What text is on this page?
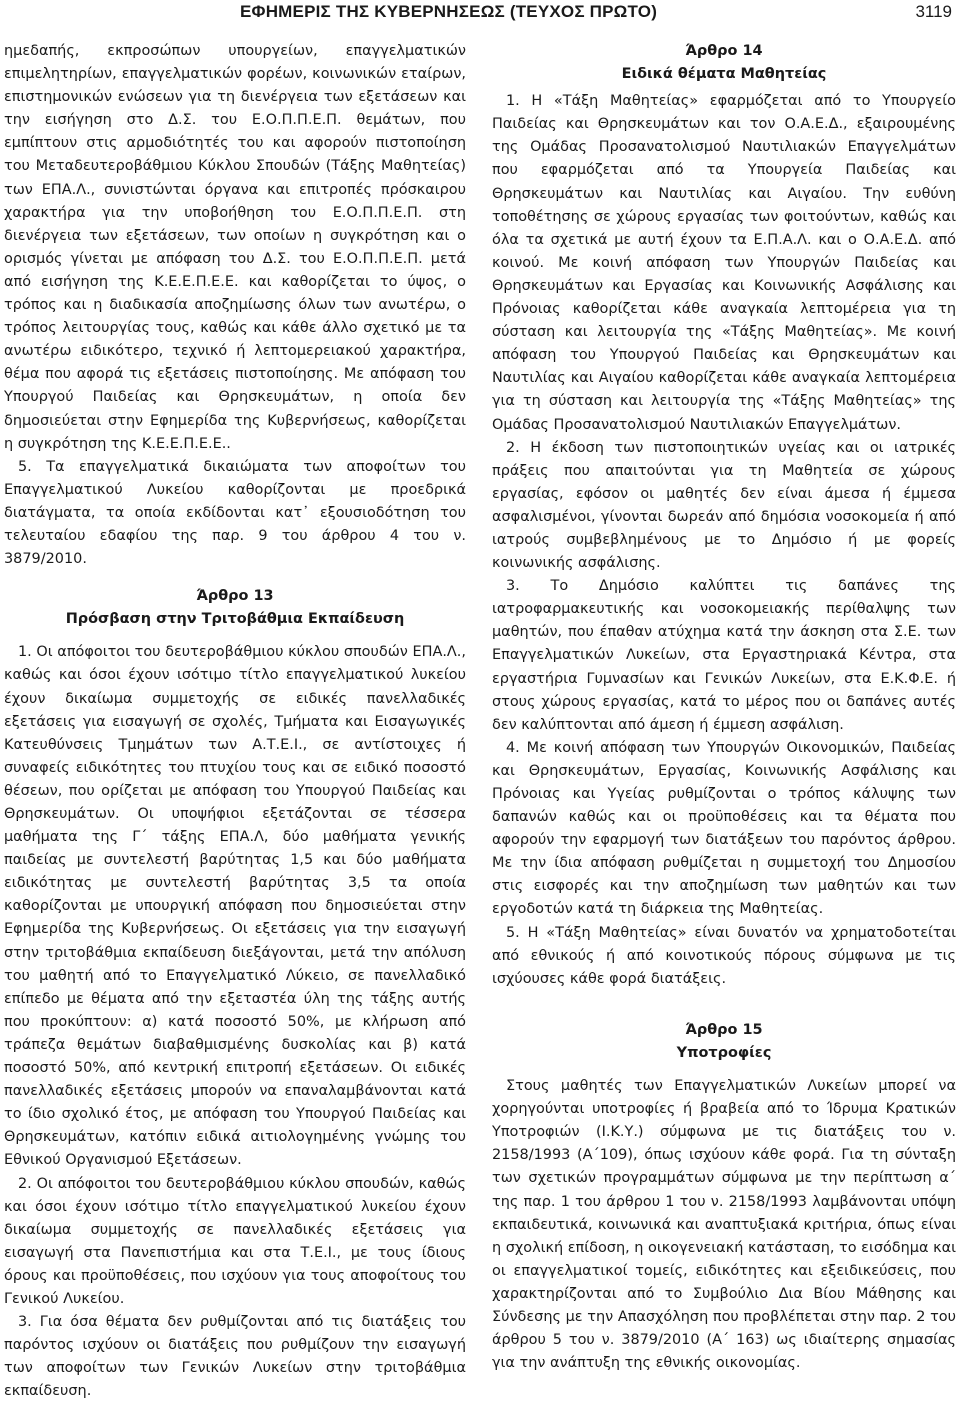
ΕΦΗΜΕΡΙΣ ΤΗΣ ΚΥΒΕΡΝΗΣΕΩΣ (ΤΕΥΧΟΣ ΠΡΩΤΟ)	3119

ημεδαπής, εκπροσώπων υπουργείων, επαγγελματικών επιμελητηρίων, επαγγελματικών φορέων, κοινωνικών εταίρων, επιστημονικών ενώσεων για τη διενέργεια των εξετάσεων και την εισήγηση στο Δ.Σ. του Ε.Ο.Π.Π.Ε.Π. θεμάτων, που εμπίπτουν στις αρμοδιότητές του και αφορούν πιστοποίηση του Μεταδευτεροβάθμιου Κύκλου Σπουδών (Τάξης Μαθητείας) των ΕΠΑ.Λ., συνιστώνται όργανα και επιτροπές πρόσκαιρου χαρακτήρα για την υποβοήθηση του Ε.Ο.Π.Π.Ε.Π. στη διενέργεια των εξετάσεων, των οποίων η συγκρότηση και ο ορισμός γίνεται με απόφαση του Δ.Σ. του Ε.Ο.Π.Π.Ε.Π. μετά από εισήγηση της Κ.Ε.Ε.Π.Ε.Ε. και καθορίζεται το ύψος, ο τρόπος και η διαδικασία αποζημίωσης όλων των ανωτέρω, ο τρόπος λειτουργίας τους, καθώς και κάθε άλλο σχετικό με τα ανωτέρω ειδικότερο, τεχνικό ή λεπτομερειακού χαρακτήρα, θέμα που αφορά τις εξετάσεις πιστοποίησης. Με απόφαση του Υπουργού Παιδείας και Θρησκευμάτων, η οποία δεν δημοσιεύεται στην Εφημερίδα της Κυβερνήσεως, καθορίζεται η συγκρότηση της Κ.Ε.Ε.Π.Ε.Ε..

5. Τα επαγγελματικά δικαιώματα των αποφοίτων του Επαγγελματικού Λυκείου καθορίζονται με προεδρικά διατάγματα, τα οποία εκδίδονται κατ᾽ εξουσιοδότηση του τελευταίου εδαφίου της παρ. 9 του άρθρου 4 του ν. 3879/2010.

Άρθρο 13

Πρόσβαση στην Τριτοβάθμια Εκπαίδευση

1. Οι απόφοιτοι του δευτεροβάθμιου κύκλου σπουδών ΕΠΑ.Λ., καθώς και όσοι έχουν ισότιμο τίτλο επαγγελματικού λυκείου έχουν δικαίωμα συμμετοχής σε ειδικές πανελλαδικές εξετάσεις για εισαγωγή σε σχολές, Τμήματα και Εισαγωγικές Κατευθύνσεις Τμημάτων των Α.Τ.Ε.Ι., σε αντίστοιχες ή συναφείς ειδικότητες του πτυχίου τους και σε ειδικό ποσοστό θέσεων, που ορίζεται με απόφαση του Υπουργού Παιδείας και Θρησκευμάτων. Οι υποψήφιοι εξετάζονται σε τέσσερα μαθήματα της Γ΄ τάξης ΕΠΑ.Λ, δύο μαθήματα γενικής παιδείας με συντελεστή βαρύτητας 1,5 και δύο μαθήματα ειδικότητας με συντελεστή βαρύτητας 3,5 τα οποία καθορίζονται με υπουργική απόφαση που δημοσιεύεται στην Εφημερίδα της Κυβερνήσεως. Οι εξετάσεις για την εισαγωγή στην τριτοβάθμια εκπαίδευση διεξάγονται, μετά την απόλυση του μαθητή από το Επαγγελματικό Λύκειο, σε πανελλαδικό επίπεδο με θέματα από την εξεταστέα ύλη της τάξης αυτής που προκύπτουν: α) κατά ποσοστό 50%, με κλήρωση από τράπεζα θεμάτων διαβαθμισμένης δυσκολίας και β) κατά ποσοστό 50%, από κεντρική επιτροπή εξετάσεων. Οι ειδικές πανελλαδικές εξετάσεις μπορούν να επαναλαμβάνονται κατά το ίδιο σχολικό έτος, με απόφαση του Υπουργού Παιδείας και Θρησκευμάτων, κατόπιν ειδικά αιτιολογημένης γνώμης του Εθνικού Οργανισμού Εξετάσεων.

2. Οι απόφοιτοι του δευτεροβάθμιου κύκλου σπουδών, καθώς και όσοι έχουν ισότιμο τίτλο επαγγελματικού λυκείου έχουν δικαίωμα συμμετοχής σε πανελλαδικές εξετάσεις για εισαγωγή στα Πανεπιστήμια και στα Τ.Ε.Ι., με τους ίδιους όρους και προϋποθέσεις, που ισχύουν για τους αποφοίτους του Γενικού Λυκείου.

3. Για όσα θέματα δεν ρυθμίζονται από τις διατάξεις του παρόντος ισχύουν οι διατάξεις που ρυθμίζουν την εισαγωγή των αποφοίτων των Γενικών Λυκείων στην τριτοβάθμια εκπαίδευση.

Άρθρο 14

Ειδικά θέματα Μαθητείας

1. Η «Τάξη Μαθητείας» εφαρμόζεται από το Υπουργείο Παιδείας και Θρησκευμάτων και τον Ο.Α.Ε.Δ., εξαιρουμένης της Ομάδας Προσανατολισμού Ναυτιλιακών Επαγγελμάτων που εφαρμόζεται από τα Υπουργεία Παιδείας και Θρησκευμάτων και Ναυτιλίας και Αιγαίου. Την ευθύνη τοποθέτησης σε χώρους εργασίας των φοιτούντων, καθώς και όλα τα σχετικά με αυτή έχουν τα Ε.Π.Α.Λ. και ο Ο.Α.Ε.Δ. από κοινού. Με κοινή απόφαση των Υπουργών Παιδείας και Θρησκευμάτων και Εργασίας και Κοινωνικής Ασφάλισης και Πρόνοιας καθορίζεται κάθε αναγκαία λεπτομέρεια για τη σύσταση και λειτουργία της «Τάξης Μαθητείας». Με κοινή απόφαση του Υπουργού Παιδείας και Θρησκευμάτων και Ναυτιλίας και Αιγαίου καθορίζεται κάθε αναγκαία λεπτομέρεια για τη σύσταση και λειτουργία της «Τάξης Μαθητείας» της Ομάδας Προσανατολισμού Ναυτιλιακών Επαγγελμάτων.

2. Η έκδοση των πιστοποιητικών υγείας και οι ιατρικές πράξεις που απαιτούνται για τη Μαθητεία σε χώρους εργασίας, εφόσον οι μαθητές δεν είναι άμεσα ή έμμεσα ασφαλισμένοι, γίνονται δωρεάν από δημόσια νοσοκομεία ή από ιατρούς συμβεβλημένους με το Δημόσιο ή με φορείς κοινωνικής ασφάλισης.

3. Το Δημόσιο καλύπτει τις δαπάνες της ιατροφαρμακευτικής και νοσοκομειακής περίθαλψης των μαθητών, που έπαθαν ατύχημα κατά την άσκηση στα Σ.Ε. των Επαγγελματικών Λυκείων, στα Εργαστηριακά Κέντρα, στα εργαστήρια Γυμνασίων και Γενικών Λυκείων, στα Ε.Κ.Φ.Ε. ή στους χώρους εργασίας, κατά το μέρος που οι δαπάνες αυτές δεν καλύπτονται από άμεση ή έμμεση ασφάλιση.

4. Με κοινή απόφαση των Υπουργών Οικονομικών, Παιδείας και Θρησκευμάτων, Εργασίας, Κοινωνικής Ασφάλισης και Πρόνοιας και Υγείας ρυθμίζονται ο τρόπος κάλυψης των δαπανών καθώς και οι προϋποθέσεις και τα θέματα που αφορούν την εφαρμογή των διατάξεων του παρόντος άρθρου. Με την ίδια απόφαση ρυθμίζεται η συμμετοχή του Δημοσίου στις εισφορές και την αποζημίωση των μαθητών και των εργοδοτών κατά τη διάρκεια της Μαθητείας.

5. Η «Τάξη Μαθητείας» είναι δυνατόν να χρηματοδοτείται από εθνικούς ή από κοινοτικούς πόρους σύμφωνα με τις ισχύουσες κάθε φορά διατάξεις.

Άρθρο 15

Υποτροφίες

Στους μαθητές των Επαγγελματικών Λυκείων μπορεί να χορηγούνται υποτροφίες ή βραβεία από το Ίδρυμα Κρατικών Υποτροφιών (Ι.Κ.Υ.) σύμφωνα με τις διατάξεις του ν. 2158/1993 (Α΄109), όπως ισχύουν κάθε φορά. Για τη σύνταξη των σχετικών προγραμμάτων σύμφωνα με την περίπτωση α΄ της παρ. 1 του άρθρου 1 του ν. 2158/1993 λαμβάνονται υπόψη εκπαιδευτικά, κοινωνικά και αναπτυξιακά κριτήρια, όπως είναι η σχολική επίδοση, η οικογενειακή κατάσταση, το εισόδημα και οι επαγγελματικοί τομείς, ειδικότητες και εξειδικεύσεις, που χαρακτηρίζονται από το Συμβούλιο Δια Βίου Μάθησης και Σύνδεσης με την Απασχόληση που προβλέπεται στην παρ. 2 του άρθρου 5 του ν. 3879/2010 (Α΄ 163) ως ιδιαίτερης σημασίας για την ανάπτυξη της εθνικής οικονομίας.
